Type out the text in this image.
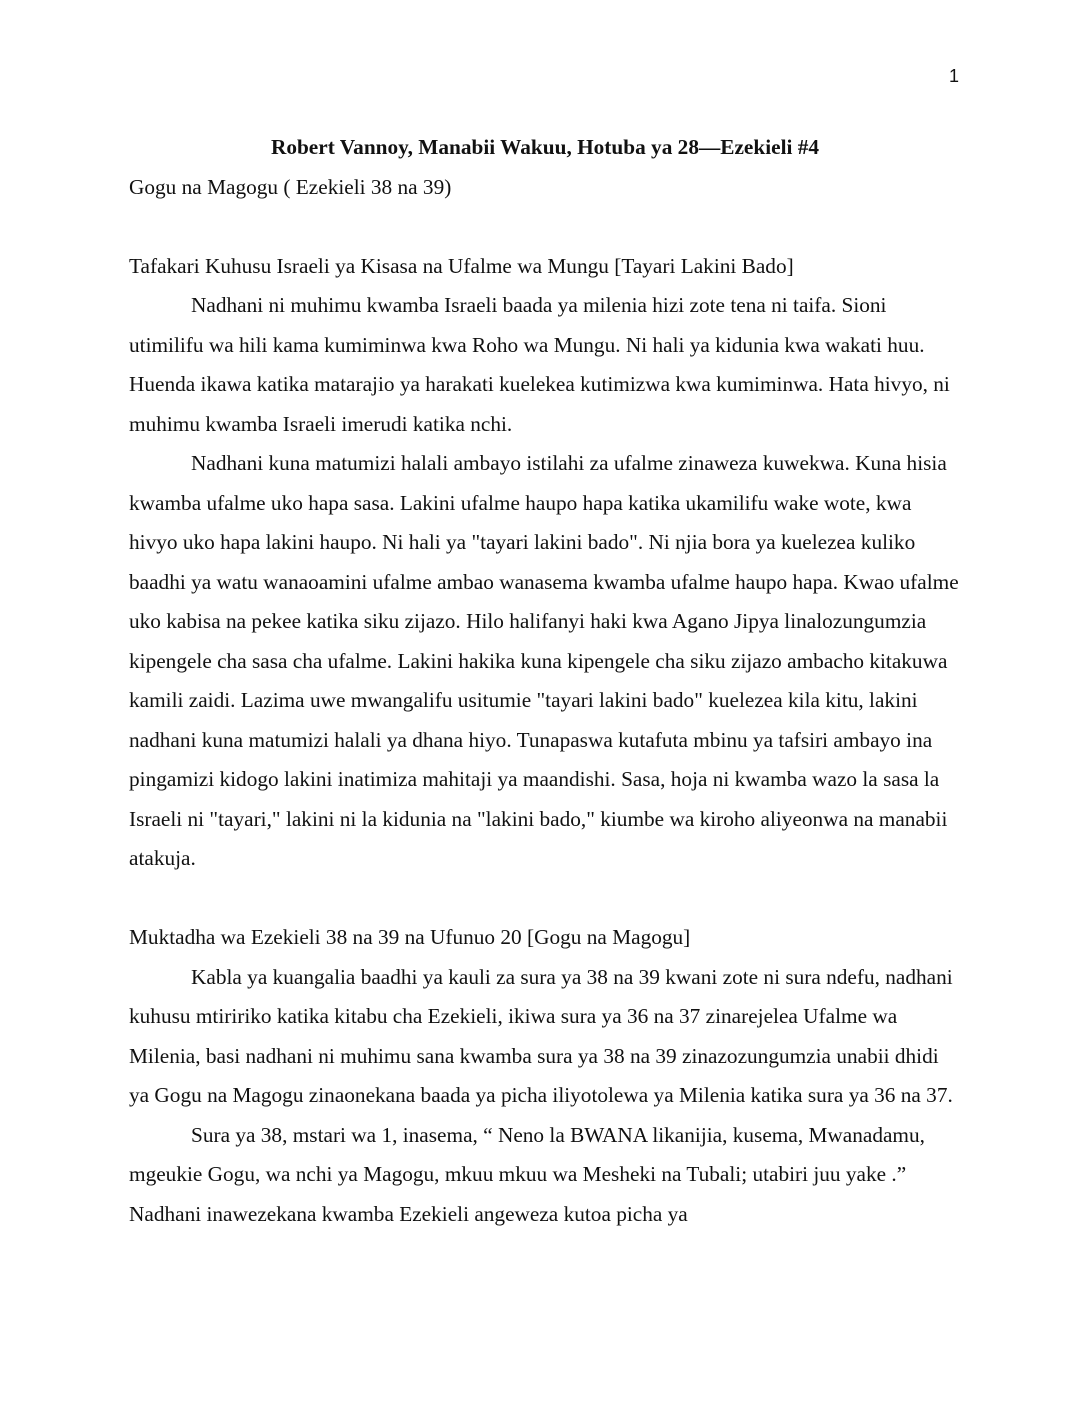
1

Robert Vannoy, Manabii Wakuu, Hotuba ya 28—Ezekieli #4

Gogu na Magogu ( Ezekieli 38 na 39)

Tafakari Kuhusu Israeli ya Kisasa na Ufalme wa Mungu [Tayari Lakini Bado]

Nadhani ni muhimu kwamba Israeli baada ya milenia hizi zote tena ni taifa. Sioni utimilifu wa hili kama kumiminwa kwa Roho wa Mungu. Ni hali ya kidunia kwa wakati huu. Huenda ikawa katika matarajio ya harakati kuelekea kutimizwa kwa kumiminwa. Hata hivyo, ni muhimu kwamba Israeli imerudi katika nchi.

Nadhani kuna matumizi halali ambayo istilahi za ufalme zinaweza kuwekwa. Kuna hisia kwamba ufalme uko hapa sasa. Lakini ufalme haupo hapa katika ukamilifu wake wote, kwa hivyo uko hapa lakini haupo. Ni hali ya "tayari lakini bado". Ni njia bora ya kuelezea kuliko baadhi ya watu wanaoamini ufalme ambao wanasema kwamba ufalme haupo hapa. Kwao ufalme uko kabisa na pekee katika siku zijazo. Hilo halifanyi haki kwa Agano Jipya linalozungumzia kipengele cha sasa cha ufalme. Lakini hakika kuna kipengele cha siku zijazo ambacho kitakuwa kamili zaidi. Lazima uwe mwangalifu usitumie "tayari lakini bado" kuelezea kila kitu, lakini nadhani kuna matumizi halali ya dhana hiyo. Tunapaswa kutafuta mbinu ya tafsiri ambayo ina pingamizi kidogo lakini inatimiza mahitaji ya maandishi. Sasa, hoja ni kwamba wazo la sasa la Israeli ni "tayari," lakini ni la kidunia na "lakini bado," kiumbe wa kiroho aliyeonwa na manabii atakuja.

Muktadha wa Ezekieli 38 na 39 na Ufunuo 20 [Gogu na Magogu]

Kabla ya kuangalia baadhi ya kauli za sura ya 38 na 39 kwani zote ni sura ndefu, nadhani kuhusu mtiririko katika kitabu cha Ezekieli, ikiwa sura ya 36 na 37 zinarejelea Ufalme wa Milenia, basi nadhani ni muhimu sana kwamba sura ya 38 na 39 zinazozungumzia unabii dhidi ya Gogu na Magogu zinaonekana baada ya picha iliyotolewa ya Milenia katika sura ya 36 na 37.

Sura ya 38, mstari wa 1, inasema, “ Neno la BWANA likanijia, kusema, Mwanadamu, mgeukie Gogu, wa nchi ya Magogu, mkuu mkuu wa Mesheki na Tubali; utabiri juu yake .” Nadhani inawezekana kwamba Ezekieli angeweza kutoa picha ya
